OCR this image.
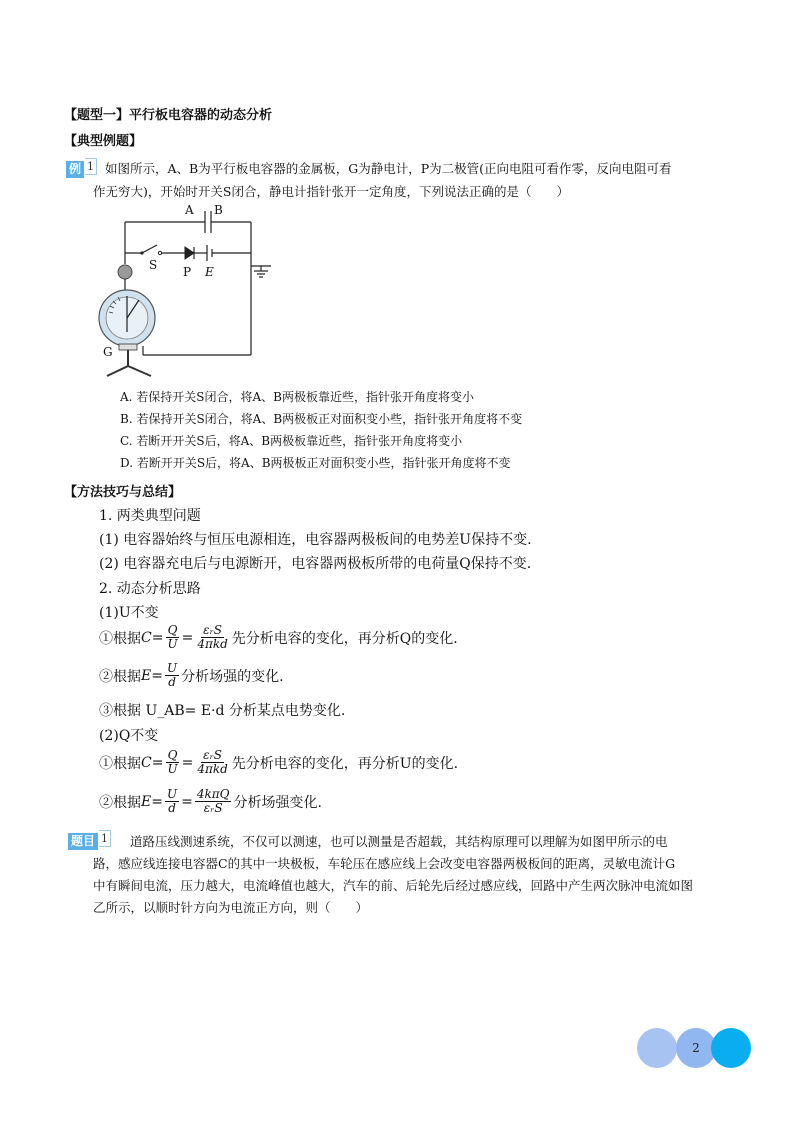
【题型一】平行板电容器的动态分析
【典型例题】
例 1 如图所示，A、B为平行板电容器的金属板，G为静电计，P为二极管(正向电阻可看作零，反向电阻可看
作无穷大)，开始时开关S闭合，静电计指针张开一定角度，下列说法正确的是（　　）
A B
S P E
G
A. 若保持开关S闭合，将A、B两极板靠近些，指针张开角度将变小
B. 若保持开关S闭合，将A、B两极板正对面积变小些，指针张开角度将不变
C. 若断开开关S后，将A、B两极板靠近些，指针张开角度将变小
D. 若断开开关S后，将A、B两极板正对面积变小些，指针张开角度将不变
【方法技巧与总结】
1. 两类典型问题
(1) 电容器始终与恒压电源相连，电容器两极板间的电势差U保持不变.
(2) 电容器充电后与电源断开，电容器两极板所带的电荷量Q保持不变.
2. 动态分析思路
(1)U不变
①根据 $C = \frac{Q}{U} = \frac{\text{εᵣS}}{\text{4πkd}}$ 先分析电容的变化，再分析Q的变化.
②根据 $E = \frac{U}{d}$ 分析场强的变化.
③根据 U_AB= E·d 分析某点电势变化.
(2)Q不变
①根据 $C = \frac{Q}{U} = \frac{\text{εᵣS}}{\text{4πkd}}$ 先分析电容的变化，再分析U的变化.
②根据 $E = \frac{U}{d} = \frac{\text{4kπQ}}{\text{εᵣS}}$ 分析场强变化.
题目 1 道路压线测速系统，不仅可以测速，也可以测量是否超载，其结构原理可以理解为如图甲所示的电
路，感应线连接电容器C的其中一块极板，车轮压在感应线上会改变电容器两极板间的距离，灵敏电流计G
中有瞬间电流，压力越大，电流峰值也越大，汽车的前、后轮先后经过感应线，回路中产生两次脉冲电流如图
乙所示，以顺时针方向为电流正方向，则（　　）
2
